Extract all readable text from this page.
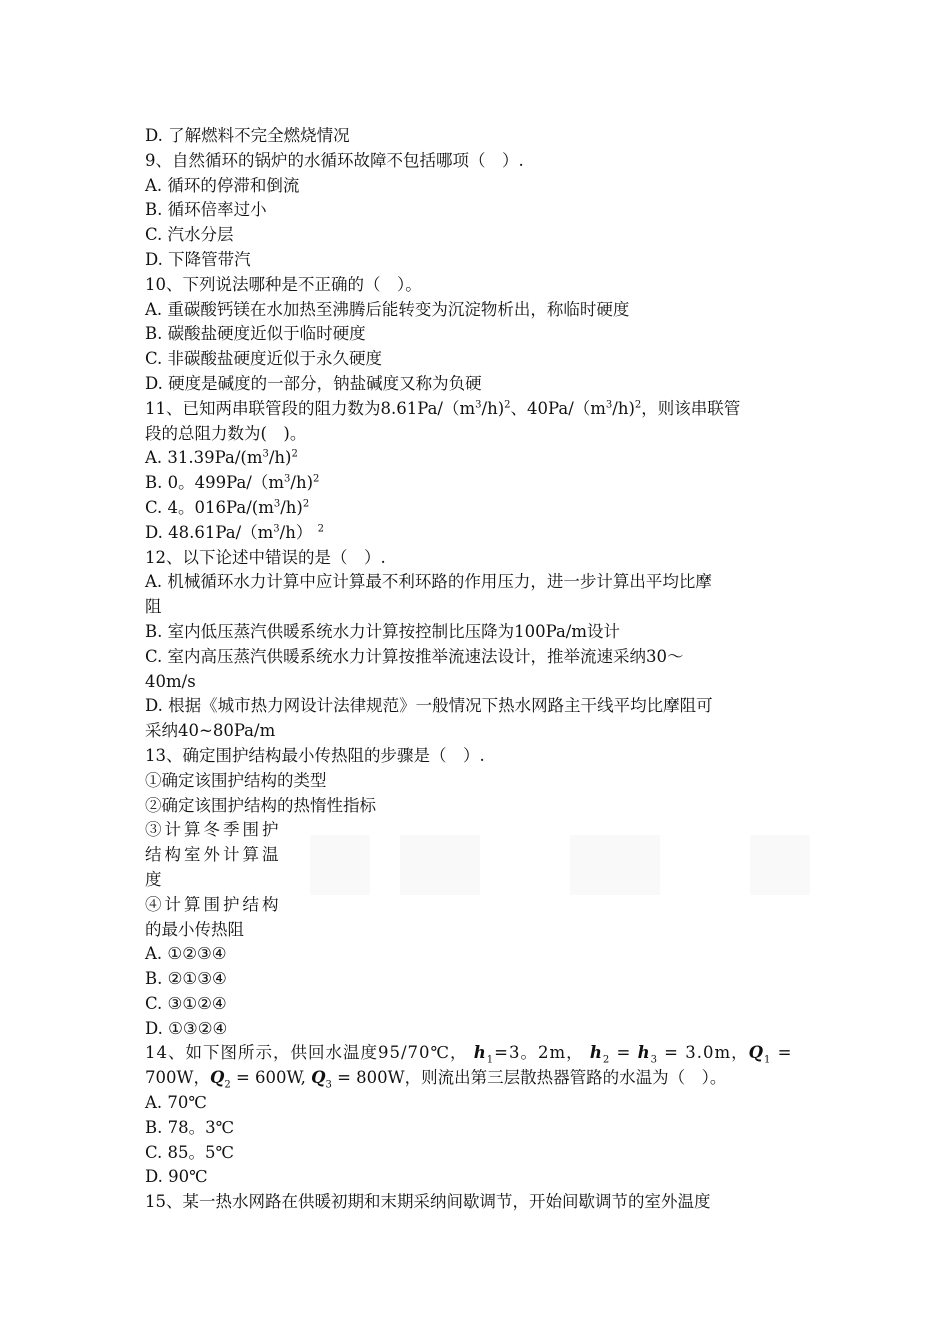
D. 了解燃料不完全燃烧情况

9、自然循环的锅炉的水循环故障不包括哪项（　）.

A. 循环的停滞和倒流

B. 循环倍率过小

C. 汽水分层

D. 下降管带汽

10、下列说法哪种是不正确的（　）。

A. 重碳酸钙镁在水加热至沸腾后能转变为沉淀物析出，称临时硬度

B. 碳酸盐硬度近似于临时硬度

C. 非碳酸盐硬度近似于永久硬度

D. 硬度是碱度的一部分，钠盐碱度又称为负硬

11、已知两串联管段的阻力数为$8.61Pa/(m^3/h)^2$、$40Pa/(m^3/h)^2$，则该串联管

段的总阻力数为(　)。

A. $31.39Pa/(m^3/h)^2$

B. 0。$499Pa/(m^3/h)^2$

C. 4。$016Pa/(m^3/h)^2$

D. $48.61Pa/(m^3/h)$ $^2$

12、以下论述中错误的是（　）.

A. 机械循环水力计算中应计算最不利环路的作用压力，进一步计算出平均比摩

阻

B. 室内低压蒸汽供暖系统水力计算按控制比压降为100Pa/m设计

C. 室内高压蒸汽供暖系统水力计算按推举流速法设计，推举流速采纳30～

40m/s

D. 根据《城市热力网设计法律规范》一般情况下热水网路主干线平均比摩阻可

采纳40~80Pa/m

13、确定围护结构最小传热阻的步骤是（　）.

①确定该围护结构的类型

②确定该围护结构的热惰性指标

③计算冬季围护

结构室外计算温

度

④计算围护结构

的最小传热阻

A. ①②③④

B. ②①③④

C. ③①②④

D. ①③②④

14、如下图所示，供回水温度95/70℃， $h_1=3$。2m， $h_2 = h_3 = 3.0m$，$Q_1$ =

700W，$Q_2 = 600W$, $Q_3 = 800W$，则流出第三层散热器管路的水温为（　）。

A. 70℃

B. 78。3℃

C. 85。5℃

D. 90℃

15、某一热水网路在供暖初期和末期采纳间歇调节，开始间歇调节的室外温度
